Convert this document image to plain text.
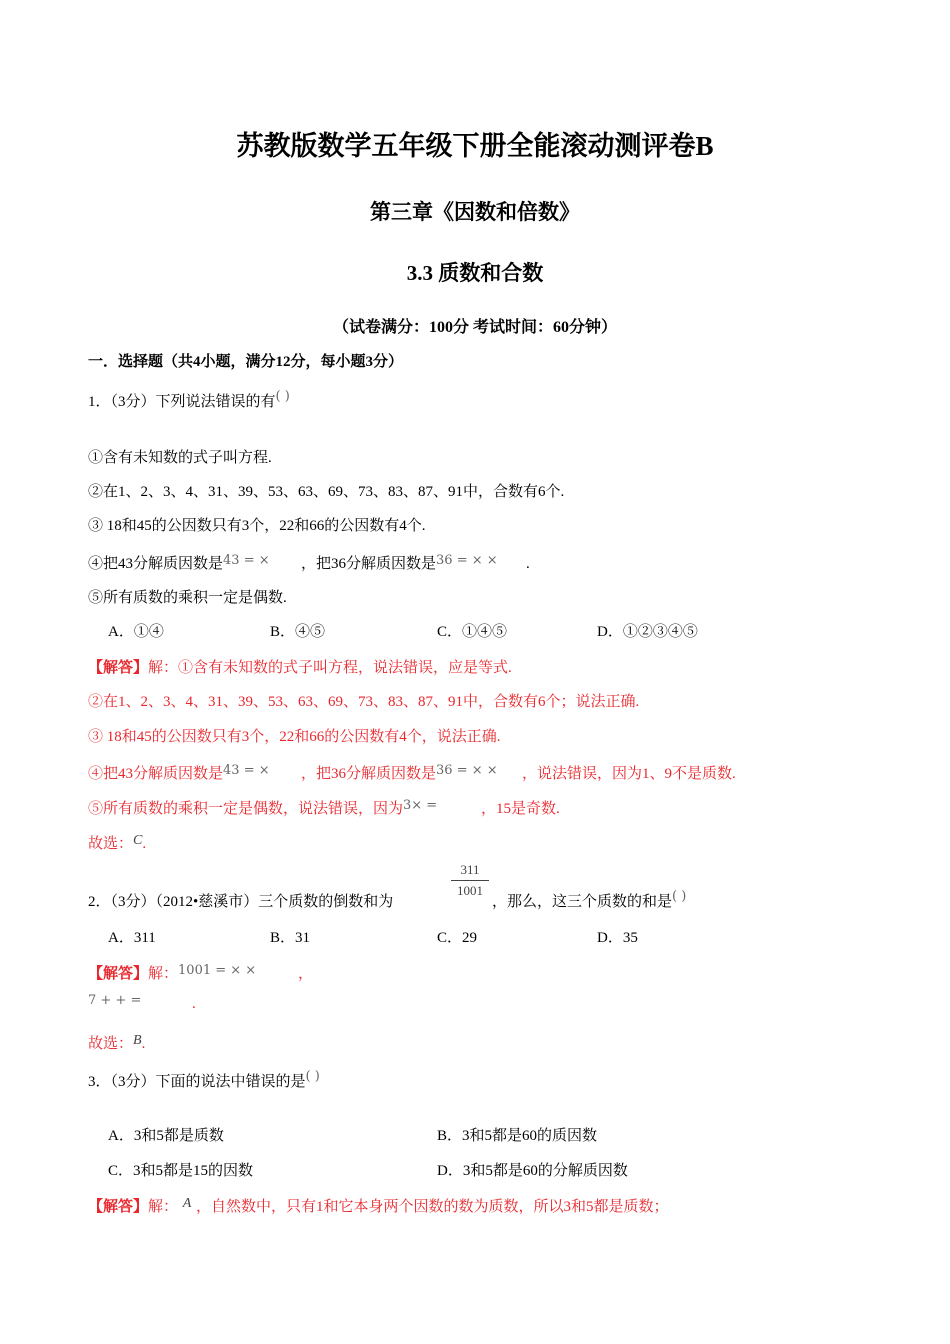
苏教版数学五年级下册全能滚动测评卷B
第三章《因数和倍数》
3.3 质数和合数
（试卷满分：100分 考试时间：60分钟）
一．选择题（共4小题，满分12分，每小题3分）
1．（3分）下列说法错误的有( )
①含有未知数的式子叫方程.
②在1、2、3、4、31、39、53、63、69、73、83、87、91中，合数有6个.
③ 18和45的公因数只有3个，22和66的公因数有4个.
④把43分解质因数是43 = × ，把36分解质因数是36 = × × .
⑤所有质数的乘积一定是偶数.
A．①④	B．④⑤	C．①④⑤	D．①②③④⑤
【解答】解：①含有未知数的式子叫方程，说法错误，应是等式.
②在1、2、3、4、31、39、53、63、69、73、83、87、91中，合数有6个；说法正确.
③ 18和45的公因数只有3个，22和66的公因数有4个，说法正确.
④把43分解质因数是43 = × ，把36分解质因数是36 = × × ，说法错误，因为1、9不是质数.
⑤所有质数的乘积一定是偶数，说法错误，因为3× =	，15是奇数.
故选：C.
2．（3分）（2012•慈溪市）三个质数的倒数和为
311
1001
，那么，这三个质数的和是( )
A．311	B．31	C．29	D．35
【解答】解：1001 = × ×	，
7 + + =	.
故选：B.
3．（3分）下面的说法中错误的是( )
A．3和5都是质数	B．3和5都是60的质因数
C．3和5都是15的因数	D．3和5都是60的分解质因数
【解答】解： A ，自然数中，只有1和它本身两个因数的数为质数，所以3和5都是质数；
